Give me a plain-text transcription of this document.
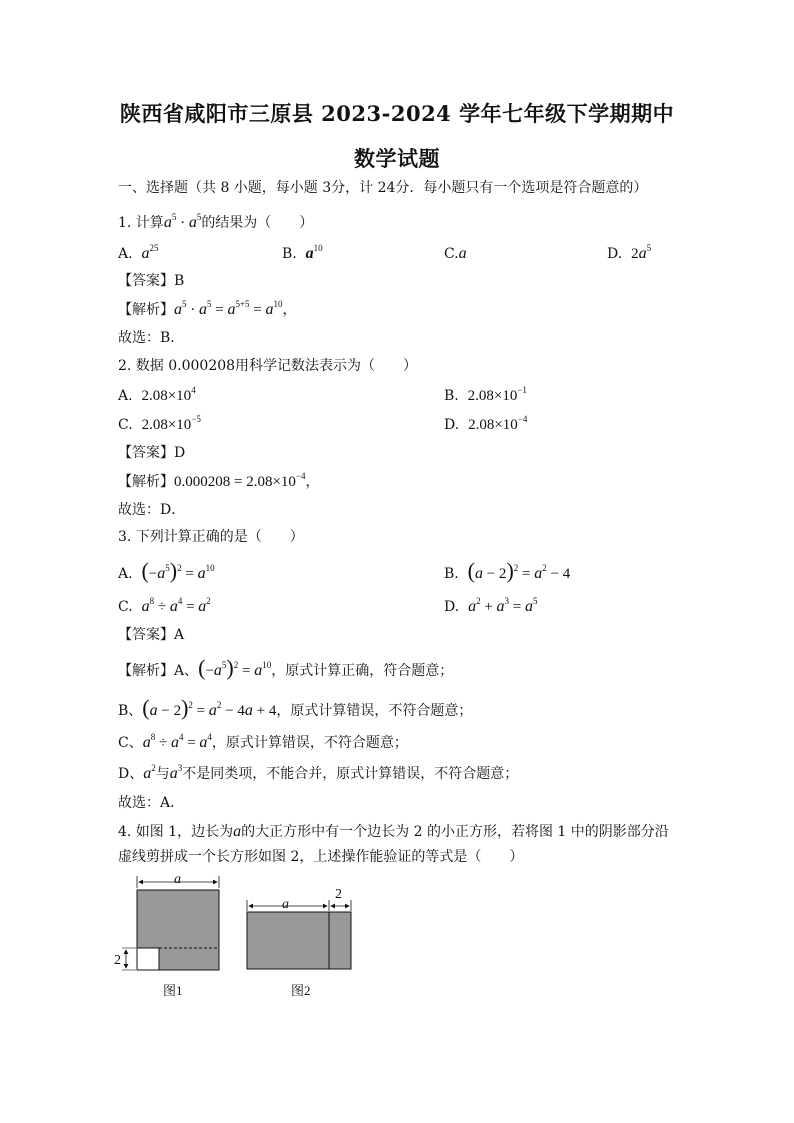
陕西省咸阳市三原县 2023-2024 学年七年级下学期期中
数学试题
一、选择题（共 8 小题，每小题 3分，计 24分．每小题只有一个选项是符合题意的）
1. 计算$a^5 \cdot a^5$的结果为（　　）
A. $a^{25}$	B. $a^{10}$	C.a	D. $2a^5$
【答案】B
【解析】$a^5 \cdot a^5 = a^{5+5} = a^{10}$，
故选：B．
2. 数据 0.000208用科学记数法表示为（　　）
A.  $2.08\times 10^4$	B.  $2.08\times 10^{-1}$
C.  $2.08\times 10^{-5}$	D.  $2.08\times 10^{-4}$
【答案】D
【解析】$0.000208 = 2.08\times 10^{-4}$，
故选：D．
3. 下列计算正确的是（　　）
A.  $(-a^5)^2 = a^{10}$	B.  $(a - 2)^2 = a^2 - 4$
C.  $a^8 \div a^4 = a^2$	D.  $a^2 + a^3 = a^5$
【答案】A
【解析】A、$(-a^5)^2 = a^{10}$，原式计算正确，符合题意；
B、$(a - 2)^2 = a^2 - 4a + 4$，原式计算错误，不符合题意；
C、$a^8 \div a^4 = a^4$，原式计算错误，不符合题意；
D、$a^2$与$a^3$不是同类项，不能合并，原式计算错误，不符合题意；
故选：A．
4. 如图 1，边长为a的大正方形中有一个边长为 2 的小正方形，若将图 1 中的阴影部分沿
虚线剪拼成一个长方形如图 2，上述操作能验证的等式是（　　）
a
2
图1
a
2
图2
